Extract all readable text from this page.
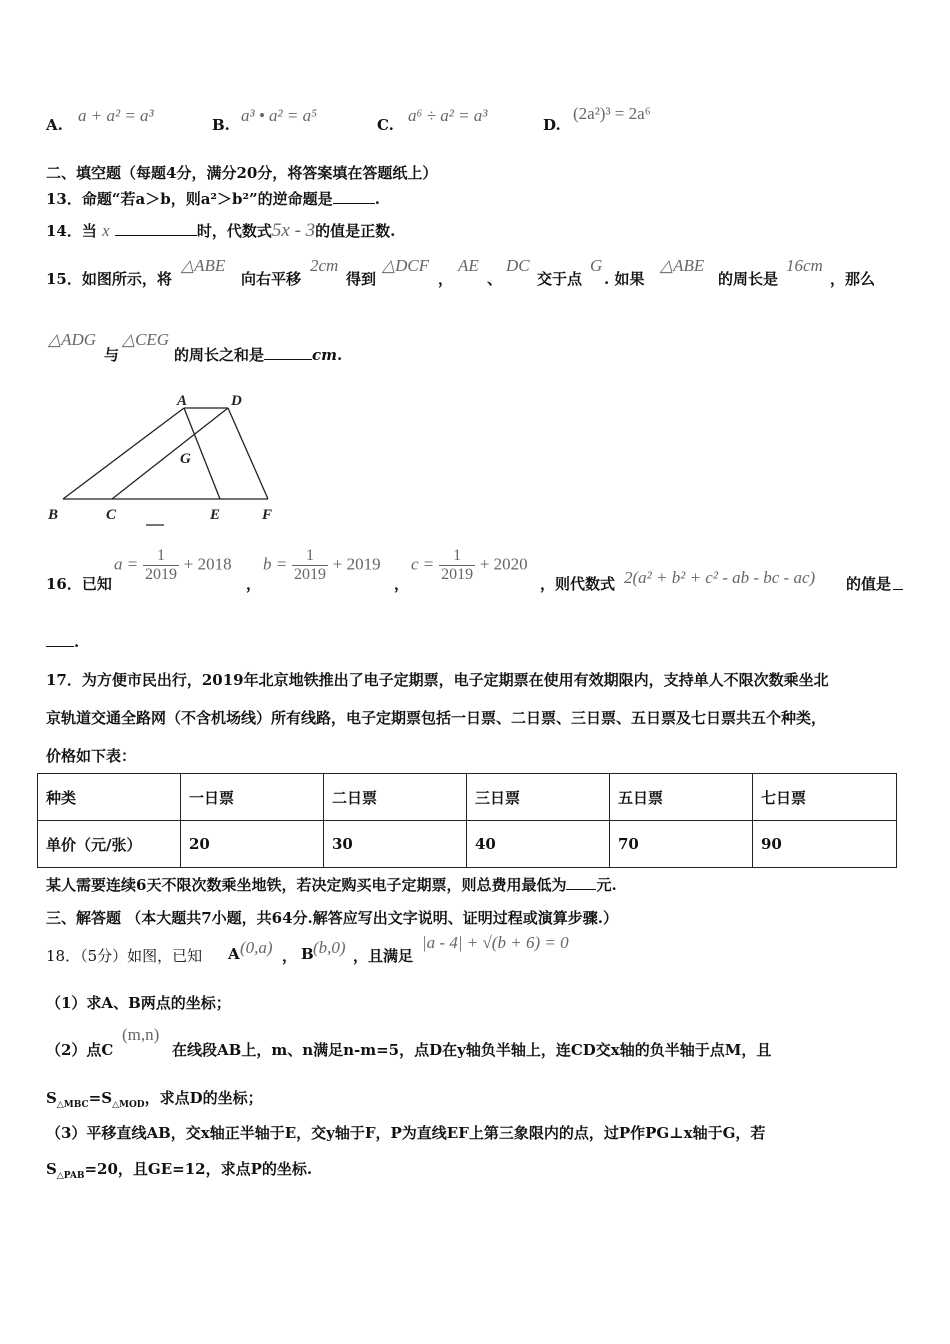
A. a + a² = a³	B. a³ • a² = a⁵	C. a⁶ ÷ a² = a³	D.
(2a²)³ = 2a⁶
二、填空题（每题4分，满分20分，将答案填在答题纸上）
13．命题“若a＞b，则a²＞b²”的逆命题是	.
14．当 x	时，代数式5x - 3的值是正数.
15．如图所示，将
△ABE
向右平移
2cm
得到
△DCF
，
AE
、
DC
交于点
G
. 如果
△ABE
的周长是
16cm
，那么
△ADG
与
△CEG
的周长之和是	cm.
A	D
G
B	C	E	F
16．已知
$a = \frac{1}{2019} + 2018$
，
$b = \frac{1}{2019} + 2019$
，
$c = \frac{1}{2019} + 2020$
，则代数式 2(a² + b² + c² - ab - bc - ac) 的值是
.
17．为方便市民出行，2019年北京地铁推出了电子定期票，电子定期票在使用有效期限内，支持单人不限次数乘坐北
京轨道交通全路网（不含机场线）所有线路，电子定期票包括一日票、二日票、三日票、五日票及七日票共五个种类，
价格如下表：
种类	一日票	二日票	三日票	五日票	七日票
单价（元/张）	20	30	40	70	90
某人需要连续6天不限次数乘坐地铁，若决定购买电子定期票，则总费用最低为 元.
三、解答题 （本大题共7小题，共64分.解答应写出文字说明、证明过程或演算步骤.）
18．（5分）如图，已知 A (0,a) ， B (b,0) ，且满足
|a - 4| + √(b + 6) = 0
（1）求A、B两点的坐标；
（2）点C
(m,n)
在线段AB上，m、n满足n-m=5，点D在y轴负半轴上，连CD交x轴的负半轴于点M，且
$S_{\triangle MBC}=S_{\triangle MOD}$，求点D的坐标；
（3）平移直线AB，交x轴正半轴于E，交y轴于F，P为直线EF上第三象限内的点，过P作PG⊥x轴于G，若
$S_{\triangle PAB}=20$，且GE=12，求点P的坐标.
